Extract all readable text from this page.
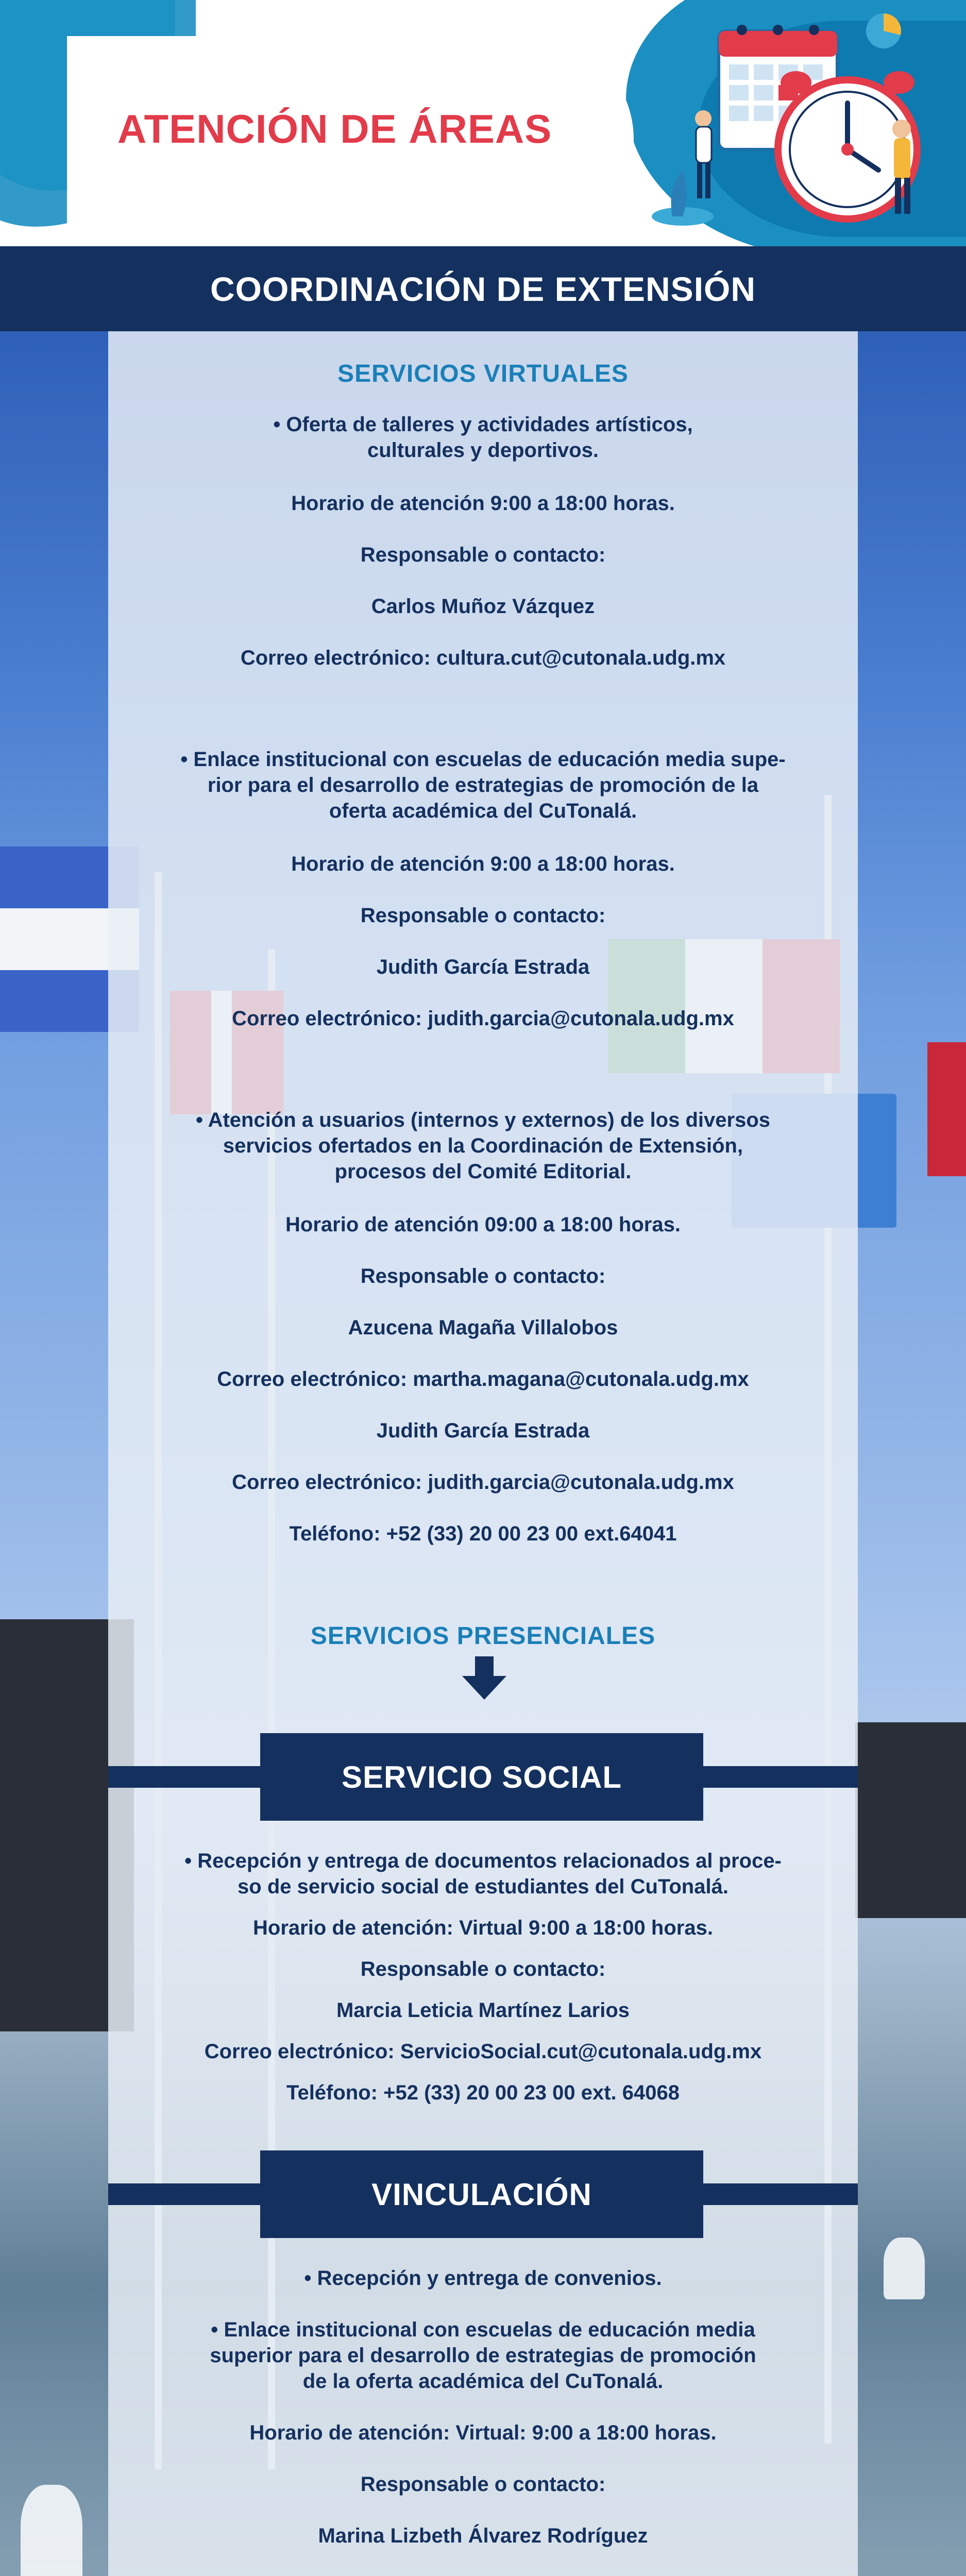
ATENCIÓN DE ÁREAS
COORDINACIÓN DE EXTENSIÓN
SERVICIOS VIRTUALES
• Oferta de talleres y actividades artísticos,
culturales y deportivos.
Horario de atención 9:00 a 18:00 horas.
Responsable o contacto:
Carlos Muñoz Vázquez
Correo electrónico: cultura.cut@cutonala.udg.mx
• Enlace institucional con escuelas de educación media supe-
rior para el desarrollo de estrategias de promoción de la
oferta académica del CuTonalá.
Horario de atención 9:00 a 18:00 horas.
Responsable o contacto:
Judith García Estrada
Correo electrónico: judith.garcia@cutonala.udg.mx
• Atención a usuarios (internos y externos) de los diversos
servicios ofertados en la Coordinación de Extensión,
procesos del Comité Editorial.
Horario de atención 09:00 a 18:00 horas.
Responsable o contacto:
Azucena Magaña Villalobos
Correo electrónico: martha.magana@cutonala.udg.mx
Judith García Estrada
Correo electrónico: judith.garcia@cutonala.udg.mx
Teléfono: +52 (33) 20 00 23 00 ext.64041
SERVICIOS PRESENCIALES
SERVICIO SOCIAL
• Recepción y entrega de documentos relacionados al proce-
so de servicio social de estudiantes del CuTonalá.
Horario de atención: Virtual 9:00 a 18:00 horas.
Responsable o contacto:
Marcia Leticia Martínez Larios
Correo electrónico: ServicioSocial.cut@cutonala.udg.mx
Teléfono: +52 (33) 20 00 23 00 ext. 64068
VINCULACIÓN
• Recepción y entrega de convenios.
• Enlace institucional con escuelas de educación media
superior para el desarrollo de estrategias de promoción
de la oferta académica del CuTonalá.
Horario de atención: Virtual: 9:00 a 18:00 horas.
Responsable o contacto:
Marina Lizbeth Álvarez Rodríguez
